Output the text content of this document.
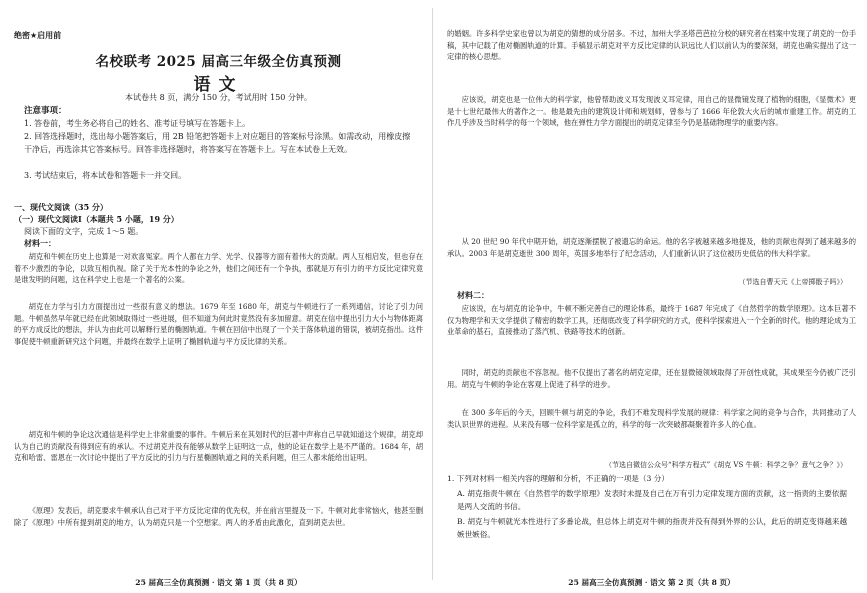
绝密★启用前
名校联考 2025 届高三年级全仿真预测
语文
本试卷共 8 页，满分 150 分，考试用时 150 分钟。
注意事项：
1. 答卷前，考生务必将自己的姓名、准考证号填写在答题卡上。
2. 回答选择题时，选出每小题答案后，用 2B 铅笔把答题卡上对应题目的答案标号涂黑。如需改动，用橡皮擦干净后，再选涂其它答案标号。回答非选择题时，将答案写在答题卡上。写在本试卷上无效。
3. 考试结束后，将本试卷和答题卡一并交回。
一、现代文阅读（35 分）
（一）现代文阅读Ⅰ（本题共 5 小题，19 分）
阅读下面的文字，完成 1～5 题。
材料一：
胡克和牛顿在历史上也算是一对欢喜冤家。两个人都在力学、光学、仪器等方面有着伟大的贡献。两人互相启发，但也存在着不少激烈的争论，以致互相仇视。除了关于光本性的争论之外，他们之间还有一个争执，那就是万有引力的平方反比定律究竟是谁发明的问题，这在科学史上也是一个著名的公案。
胡克在力学与引力方面提出过一些很有意义的想法。1679 年至 1680 年，胡克与牛顿进行了一系列通信，讨论了引力问题。牛顿虽然早年就已经在此领域取得过一些进展，但不知道为何此时竟然没有多加留意。胡克在信中提出引力大小与物体距离的平方成反比的想法，并认为由此可以解释行星的椭圆轨道。牛顿在回信中出现了一个关于落体轨道的错误，被胡克指出。这件事促使牛顿重新研究这个问题，并最终在数学上证明了椭圆轨道与平方反比律的关系。
胡克和牛顿的争论这次通信是科学史上非常重要的事件。牛顿后来在其划时代的巨著中声称自己早就知道这个规律，胡克却认为自己的贡献没有得到应有的承认。不过胡克并没有能够从数学上证明这一点，他的论证在数学上是不严谨的。1684 年，胡克和哈雷、雷恩在一次讨论中提出了平方反比的引力与行星椭圆轨道之间的关系问题，但三人都未能给出证明。
《原理》发表后，胡克要求牛顿承认自己对于平方反比定律的优先权，并在前言里提及一下。牛顿对此非常恼火，他甚至删除了《原理》中所有提到胡克的地方，认为胡克只是一个空想家。两人的矛盾由此激化，直到胡克去世。
25 届高三全仿真预测 · 语文 第 1 页（共 8 页）
的婚姻。许多科学史家也曾以为胡克的猜想的成分居多。不过，加州大学圣塔芭芭拉分校的研究者在档案中发现了胡克的一份手稿，其中记载了他对椭圆轨道的计算。手稿显示胡克对平方反比定律的认识远比人们以前认为的要深刻，胡克也确实提出了这一定律的核心思想。
应该说，胡克也是一位伟大的科学家，他曾帮助波义耳发现波义耳定律，用自己的显微镜发现了植物的细胞，《显微术》更是十七世纪最伟大的著作之一。他是最先由的建筑设计师和规划师，曾参与了 1666 年伦敦大火后的城市重建工作。胡克的工作几乎涉及当时科学的每一个领域，他在弹性力学方面提出的胡克定律至今仍是基础物理学的重要内容。
从 20 世纪 90 年代中期开始，胡克逐渐摆脱了被遗忘的命运。他的名字被越来越多地提及，他的贡献也得到了越来越多的承认。2003 年是胡克逝世 300 周年，英国多地举行了纪念活动，人们重新认识了这位被历史低估的伟大科学家。
（节选自曹天元《上帝掷骰子吗》）
材料二：
应该说，在与胡克的论争中，牛顿不断完善自己的理论体系，最终于 1687 年完成了《自然哲学的数学原理》。这本巨著不仅为物理学和天文学提供了精密的数学工具，还彻底改变了科学研究的方式，使科学探索进入一个全新的时代。他的理论成为工业革命的基石，直接推动了蒸汽机、铁路等技术的创新。
同时，胡克的贡献也不容忽视。他不仅提出了著名的胡克定律，还在显微镜领域取得了开创性成就，其成果至今仍被广泛引用。胡克与牛顿的争论在客观上促进了科学的进步。
在 300 多年后的今天，回顾牛顿与胡克的争论，我们不难发现科学发展的规律：科学家之间的竞争与合作，共同推动了人类认识世界的进程。从来没有哪一位科学家是孤立的，科学的每一次突破都凝聚着许多人的心血。
（节选自微信公众号“科学方程式”《胡克 VS 牛顿：科学之争？意气之争？》）
1. 下列对材料一相关内容的理解和分析，不正确的一项是（3 分）
A. 胡克指责牛顿在《自然哲学的数学原理》发表时未提及自己在万有引力定律发现方面的贡献，这一指责的主要依据是两人交流的书信。
B. 胡克与牛顿就光本性进行了多番论战，但总体上胡克对牛顿的指责并没有得到外界的公认，此后的胡克变得越来越嫉世嫉俗。
25 届高三全仿真预测 · 语文 第 2 页（共 8 页）
